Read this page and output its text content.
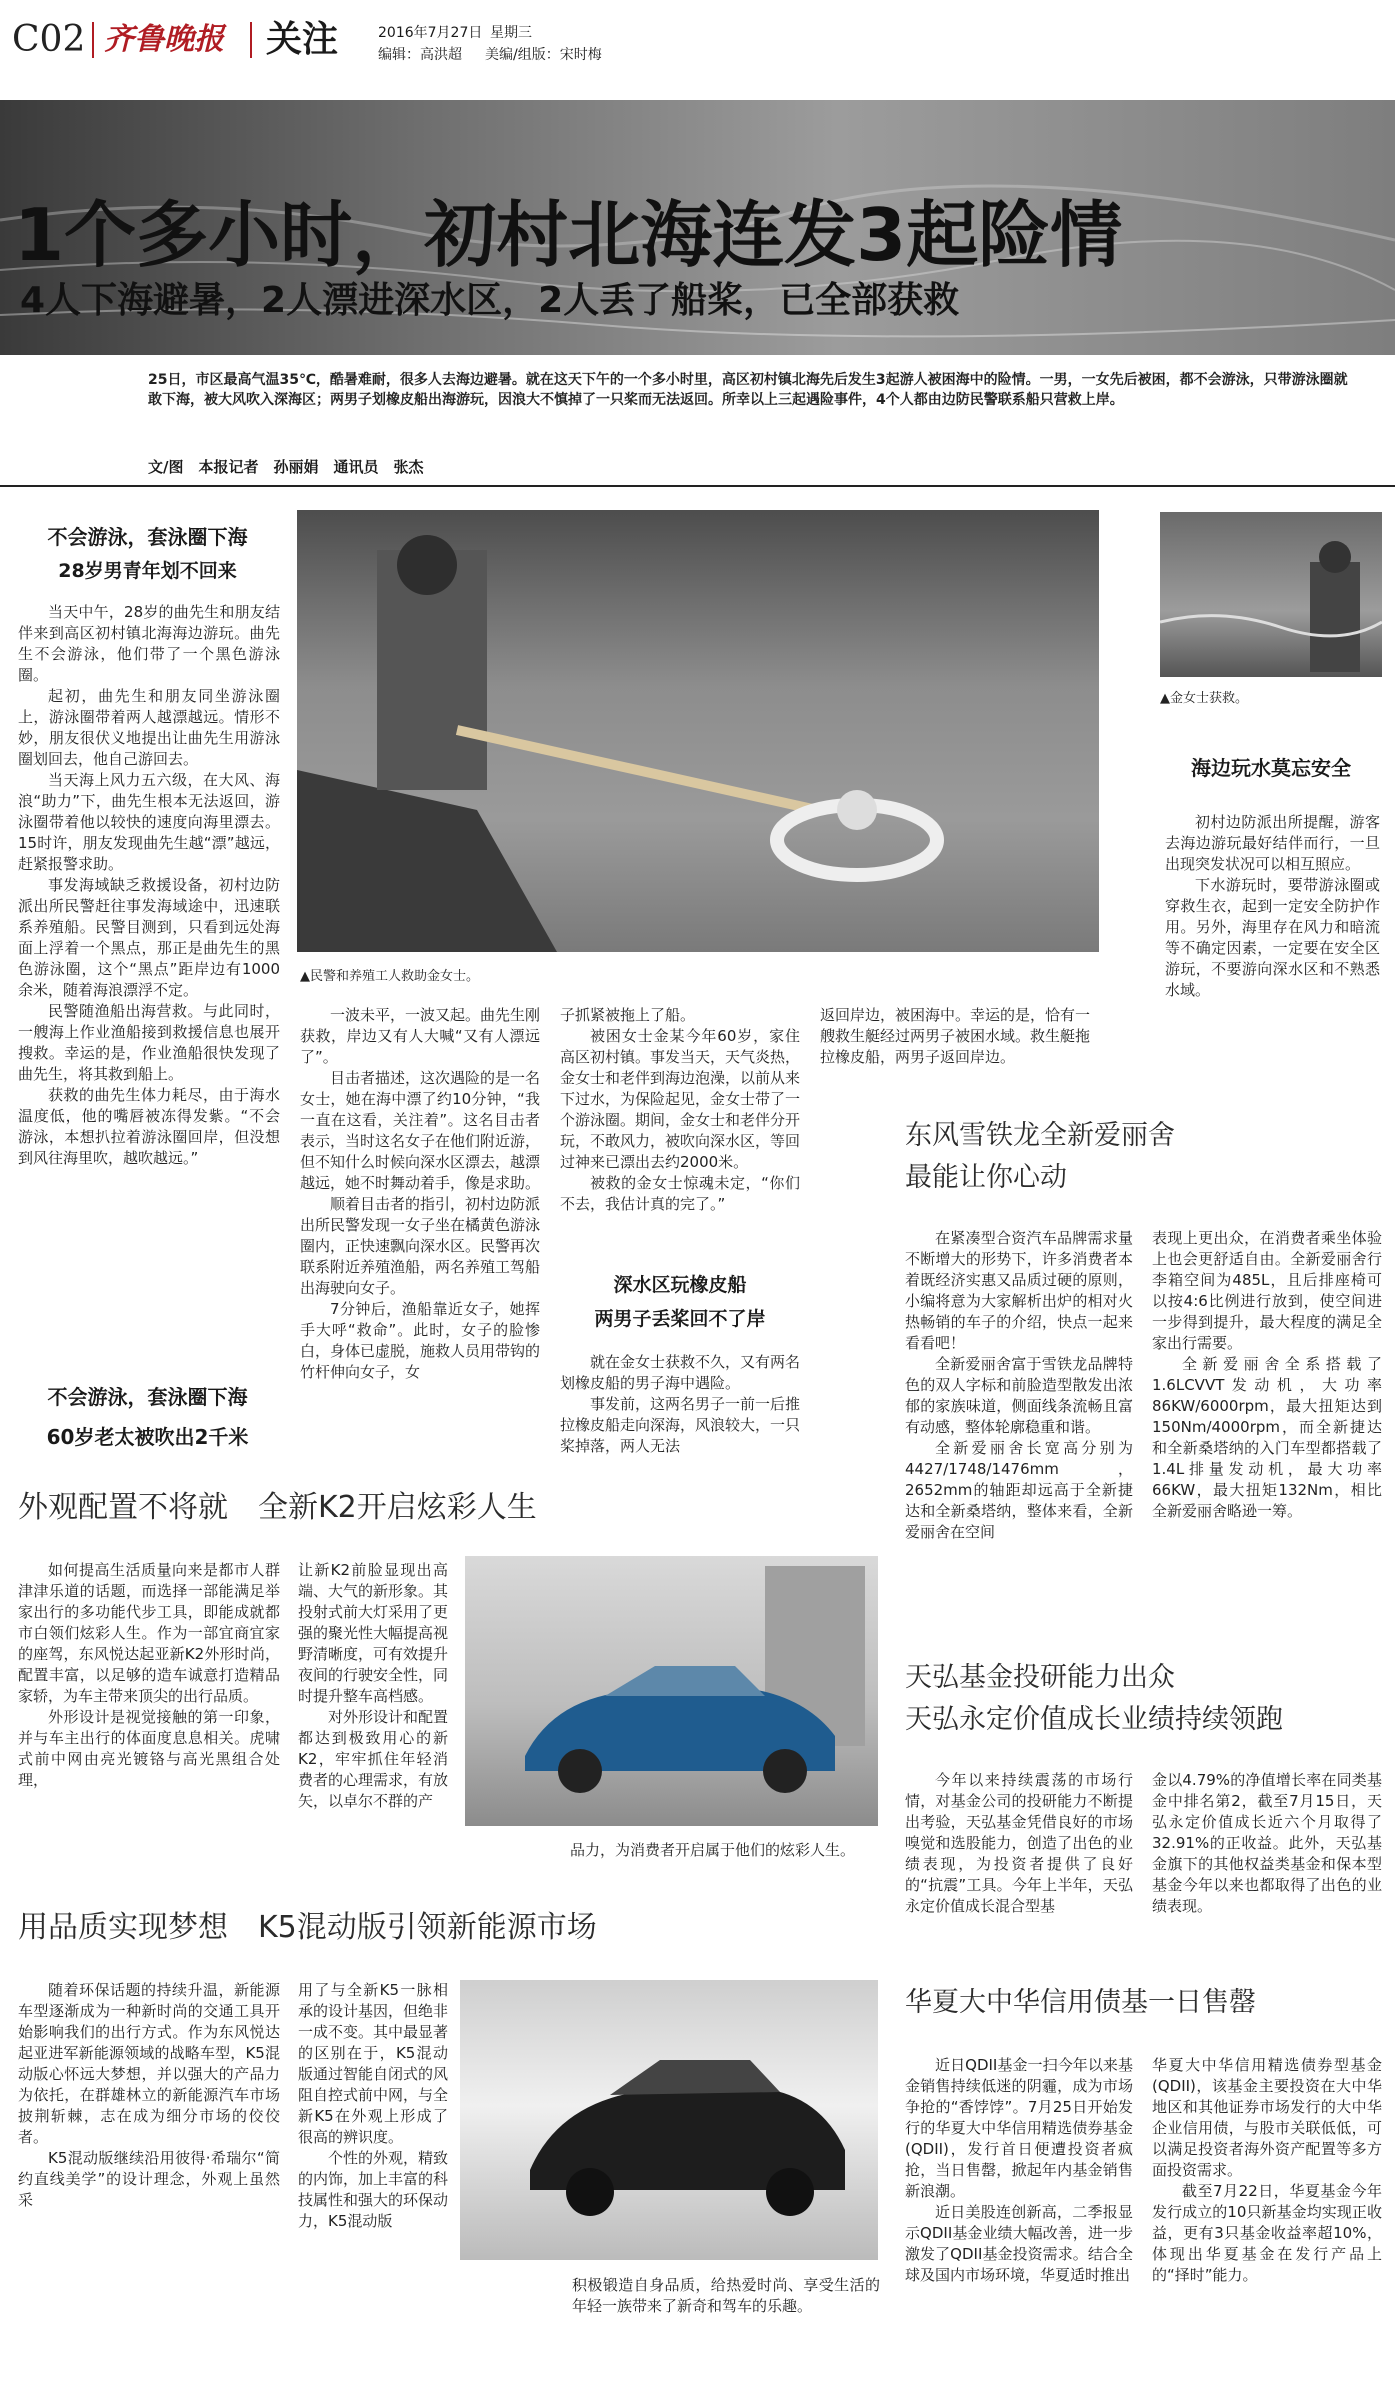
C02 齐鲁晚报 关注	2016年7月27日 星期三
编辑：高洪超 美编/组版：宋时梅
1个多小时，初村北海连发3起险情
4人下海避暑，2人漂进深水区，2人丢了船桨，已全部获救
25日，市区最高气温35℃，酷暑难耐，很多人去海边避暑。就在这天下午的一个多小时里，高区初村镇北海先后发生3起游人被困海中的险情。一男，一女先后被困，都不会游泳，只带游泳圈就敢下海，被大风吹入深海区；两男子划橡皮船出海游玩，因浪大不慎掉了一只桨而无法返回。所幸以上三起遇险事件，4个人都由边防民警联系船只营救上岸。
文/图　本报记者　孙丽娟　通讯员　张杰
不会游泳，套泳圈下海
28岁男青年划不回来

当天中午，28岁的曲先生和朋友结伴来到高区初村镇北海海边游玩。曲先生不会游泳，他们带了一个黑色游泳圈。

起初，曲先生和朋友同坐游泳圈上，游泳圈带着两人越漂越远。情形不妙，朋友很伏义地提出让曲先生用游泳圈划回去，他自己游回去。

当天海上风力五六级，在大风、海浪“助力”下，曲先生根本无法返回，游泳圈带着他以较快的速度向海里漂去。15时许，朋友发现曲先生越“漂”越远，赶紧报警求助。

事发海域缺乏救援设备，初村边防派出所民警赶往事发海域途中，迅速联系养殖船。民警目测到，只看到远处海面上浮着一个黑点，那正是曲先生的黑色游泳圈，这个“黑点”距岸边有1000余米，随着海浪漂浮不定。

民警随渔船出海营救。与此同时，一艘海上作业渔船接到救援信息也展开搜救。幸运的是，作业渔船很快发现了曲先生，将其救到船上。

获救的曲先生体力耗尽，由于海水温度低，他的嘴唇被冻得发紫。“不会游泳，本想扒拉着游泳圈回岸，但没想到风往海里吹，越吹越远。”

不会游泳，套泳圈下海
60岁老太被吹出2千米
▲民警和养殖工人救助金女士。

一波未平，一波又起。曲先生刚获救，岸边又有人大喊“又有人漂远了”。

目击者描述，这次遇险的是一名女士，她在海中漂了约10分钟，“我一直在这看，关注着”。这名目击者表示，当时这名女子在他们附近游，但不知什么时候向深水区漂去，越漂越远，她不时舞动着手，像是求助。

顺着目击者的指引，初村边防派出所民警发现一女子坐在橘黄色游泳圈内，正快速飘向深水区。民警再次联系附近养殖渔船，两名养殖工驾船出海驶向女子。

7分钟后，渔船靠近女子，她挥手大呼“救命”。此时，女子的脸惨白，身体已虚脱，施救人员用带钩的竹杆伸向女子，女

子抓紧被拖上了船。

被困女士金某今年60岁，家住高区初村镇。事发当天，天气炎热，金女士和老伴到海边泡澡，以前从来下过水，为保险起见，金女士带了一个游泳圈。期间，金女士和老伴分开玩，不敢风力，被吹向深水区，等回过神来已漂出去约2000米。

被救的金女士惊魂未定，“你们不去，我估计真的完了。”

深水区玩橡皮船
两男子丢桨回不了岸

就在金女士获救不久，又有两名划橡皮船的男子海中遇险。

事发前，这两名男子一前一后推拉橡皮船走向深海，风浪较大，一只桨掉落，两人无法

返回岸边，被困海中。幸运的是，恰有一艘救生艇经过两男子被困水域。救生艇拖拉橡皮船，两男子返回岸边。

▲金女士获救。
海边玩水莫忘安全

初村边防派出所提醒，游客去海边游玩最好结伴而行，一旦出现突发状况可以相互照应。

下水游玩时，要带游泳圈或穿救生衣，起到一定安全防护作用。另外，海里存在风力和暗流等不确定因素，一定要在安全区游玩，不要游向深水区和不熟悉水域。

东风雪铁龙全新爱丽舍
最能让你心动

在紧凑型合资汽车品牌需求量不断增大的形势下，许多消费者本着既经济实惠又品质过硬的原则，小编将意为大家解析出炉的相对火热畅销的车子的介绍，快点一起来看看吧！

全新爱丽舍富于雪铁龙品牌特色的双人字标和前脸造型散发出浓郁的家族味道，侧面线条流畅且富有动感，整体轮廓稳重和谐。

全新爱丽舍长宽高分别为4427/1748/1476mm，2652mm的轴距却远高于全新捷达和全新桑塔纳，整体来看，全新爱丽舍在空间

表现上更出众，在消费者乘坐体验上也会更舒适自由。全新爱丽舍行李箱空间为485L，且后排座椅可以按4:6比例进行放到，使空间进一步得到提升，最大程度的满足全家出行需要。

全新爱丽舍全系搭载了1.6LCVVT发动机，大功率86KW/6000rpm，最大扭矩达到150Nm/4000rpm，而全新捷达和全新桑塔纳的入门车型都搭载了1.4L排量发动机，最大功率66KW，最大扭矩132Nm，相比全新爱丽舍略逊一筹。

外观配置不将就　全新K2开启炫彩人生

如何提高生活质量向来是都市人群津津乐道的话题，而选择一部能满足举家出行的多功能代步工具，即能成就都市白领们炫彩人生。作为一部宜商宜家的座驾，东风悦达起亚新K2外形时尚，配置丰富，以足够的造车诚意打造精品家轿，为车主带来顶尖的出行品质。

外形设计是视觉接触的第一印象，并与车主出行的体面度息息相关。虎啸式前中网由亮光镀铬与高光黑组合处理，

让新K2前脸显现出高端、大气的新形象。其投射式前大灯采用了更强的聚光性大幅提高视野清晰度，可有效提升夜间的行驶安全性，同时提升整车高档感。

对外形设计和配置都达到极致用心的新K2，牢牢抓住年轻消费者的心理需求，有放矢，以卓尔不群的产

品力，为消费者开启属于他们的炫彩人生。
天弘基金投研能力出众
天弘永定价值成长业绩持续领跑

今年以来持续震荡的市场行情，对基金公司的投研能力不断提出考验，天弘基金凭借良好的市场嗅觉和选股能力，创造了出色的业绩表现，为投资者提供了良好的“抗震”工具。今年上半年，天弘永定价值成长混合型基

金以4.79%的净值增长率在同类基金中排名第2，截至7月15日，天弘永定价值成长近六个月取得了32.91%的正收益。此外，天弘基金旗下的其他权益类基金和保本型基金今年以来也都取得了出色的业绩表现。

用品质实现梦想　K5混动版引领新能源市场

随着环保话题的持续升温，新能源车型逐渐成为一种新时尚的交通工具开始影响我们的出行方式。作为东风悦达起亚进军新能源领域的战略车型，K5混动版心怀远大梦想，并以强大的产品力为依托，在群雄林立的新能源汽车市场披荆斩棘，志在成为细分市场的佼佼者。

K5混动版继续沿用彼得·希瑞尔“简约直线美学”的设计理念，外观上虽然采

用了与全新K5一脉相承的设计基因，但绝非一成不变。其中最显著的区别在于，K5混动版通过智能自闭式的风阻自控式前中网，与全新K5在外观上形成了很高的辨识度。

个性的外观，精致的内饰，加上丰富的科技属性和强大的环保动力，K5混动版

积极锻造自身品质，给热爱时尚、享受生活的年轻一族带来了新奇和驾车的乐趣。
华夏大中华信用债基一日售罄

近日QDII基金一扫今年以来基金销售持续低迷的阴霾，成为市场争抢的“香饽饽”。7月25日开始发行的华夏大中华信用精选债券基金(QDII)，发行首日便遭投资者疯抢，当日售罄，掀起年内基金销售新浪潮。

近日美股连创新高，二季报显示QDII基金业绩大幅改善，进一步激发了QDII基金投资需求。结合全球及国内市场环境，华夏适时推出

华夏大中华信用精选债券型基金(QDII)，该基金主要投资在大中华地区和其他证券市场发行的大中华企业信用债，与股市关联低低，可以满足投资者海外资产配置等多方面投资需求。

截至7月22日，华夏基金今年发行成立的10只新基金均实现正收益，更有3只基金收益率超10%，体现出华夏基金在发行产品上的“择时”能力。
